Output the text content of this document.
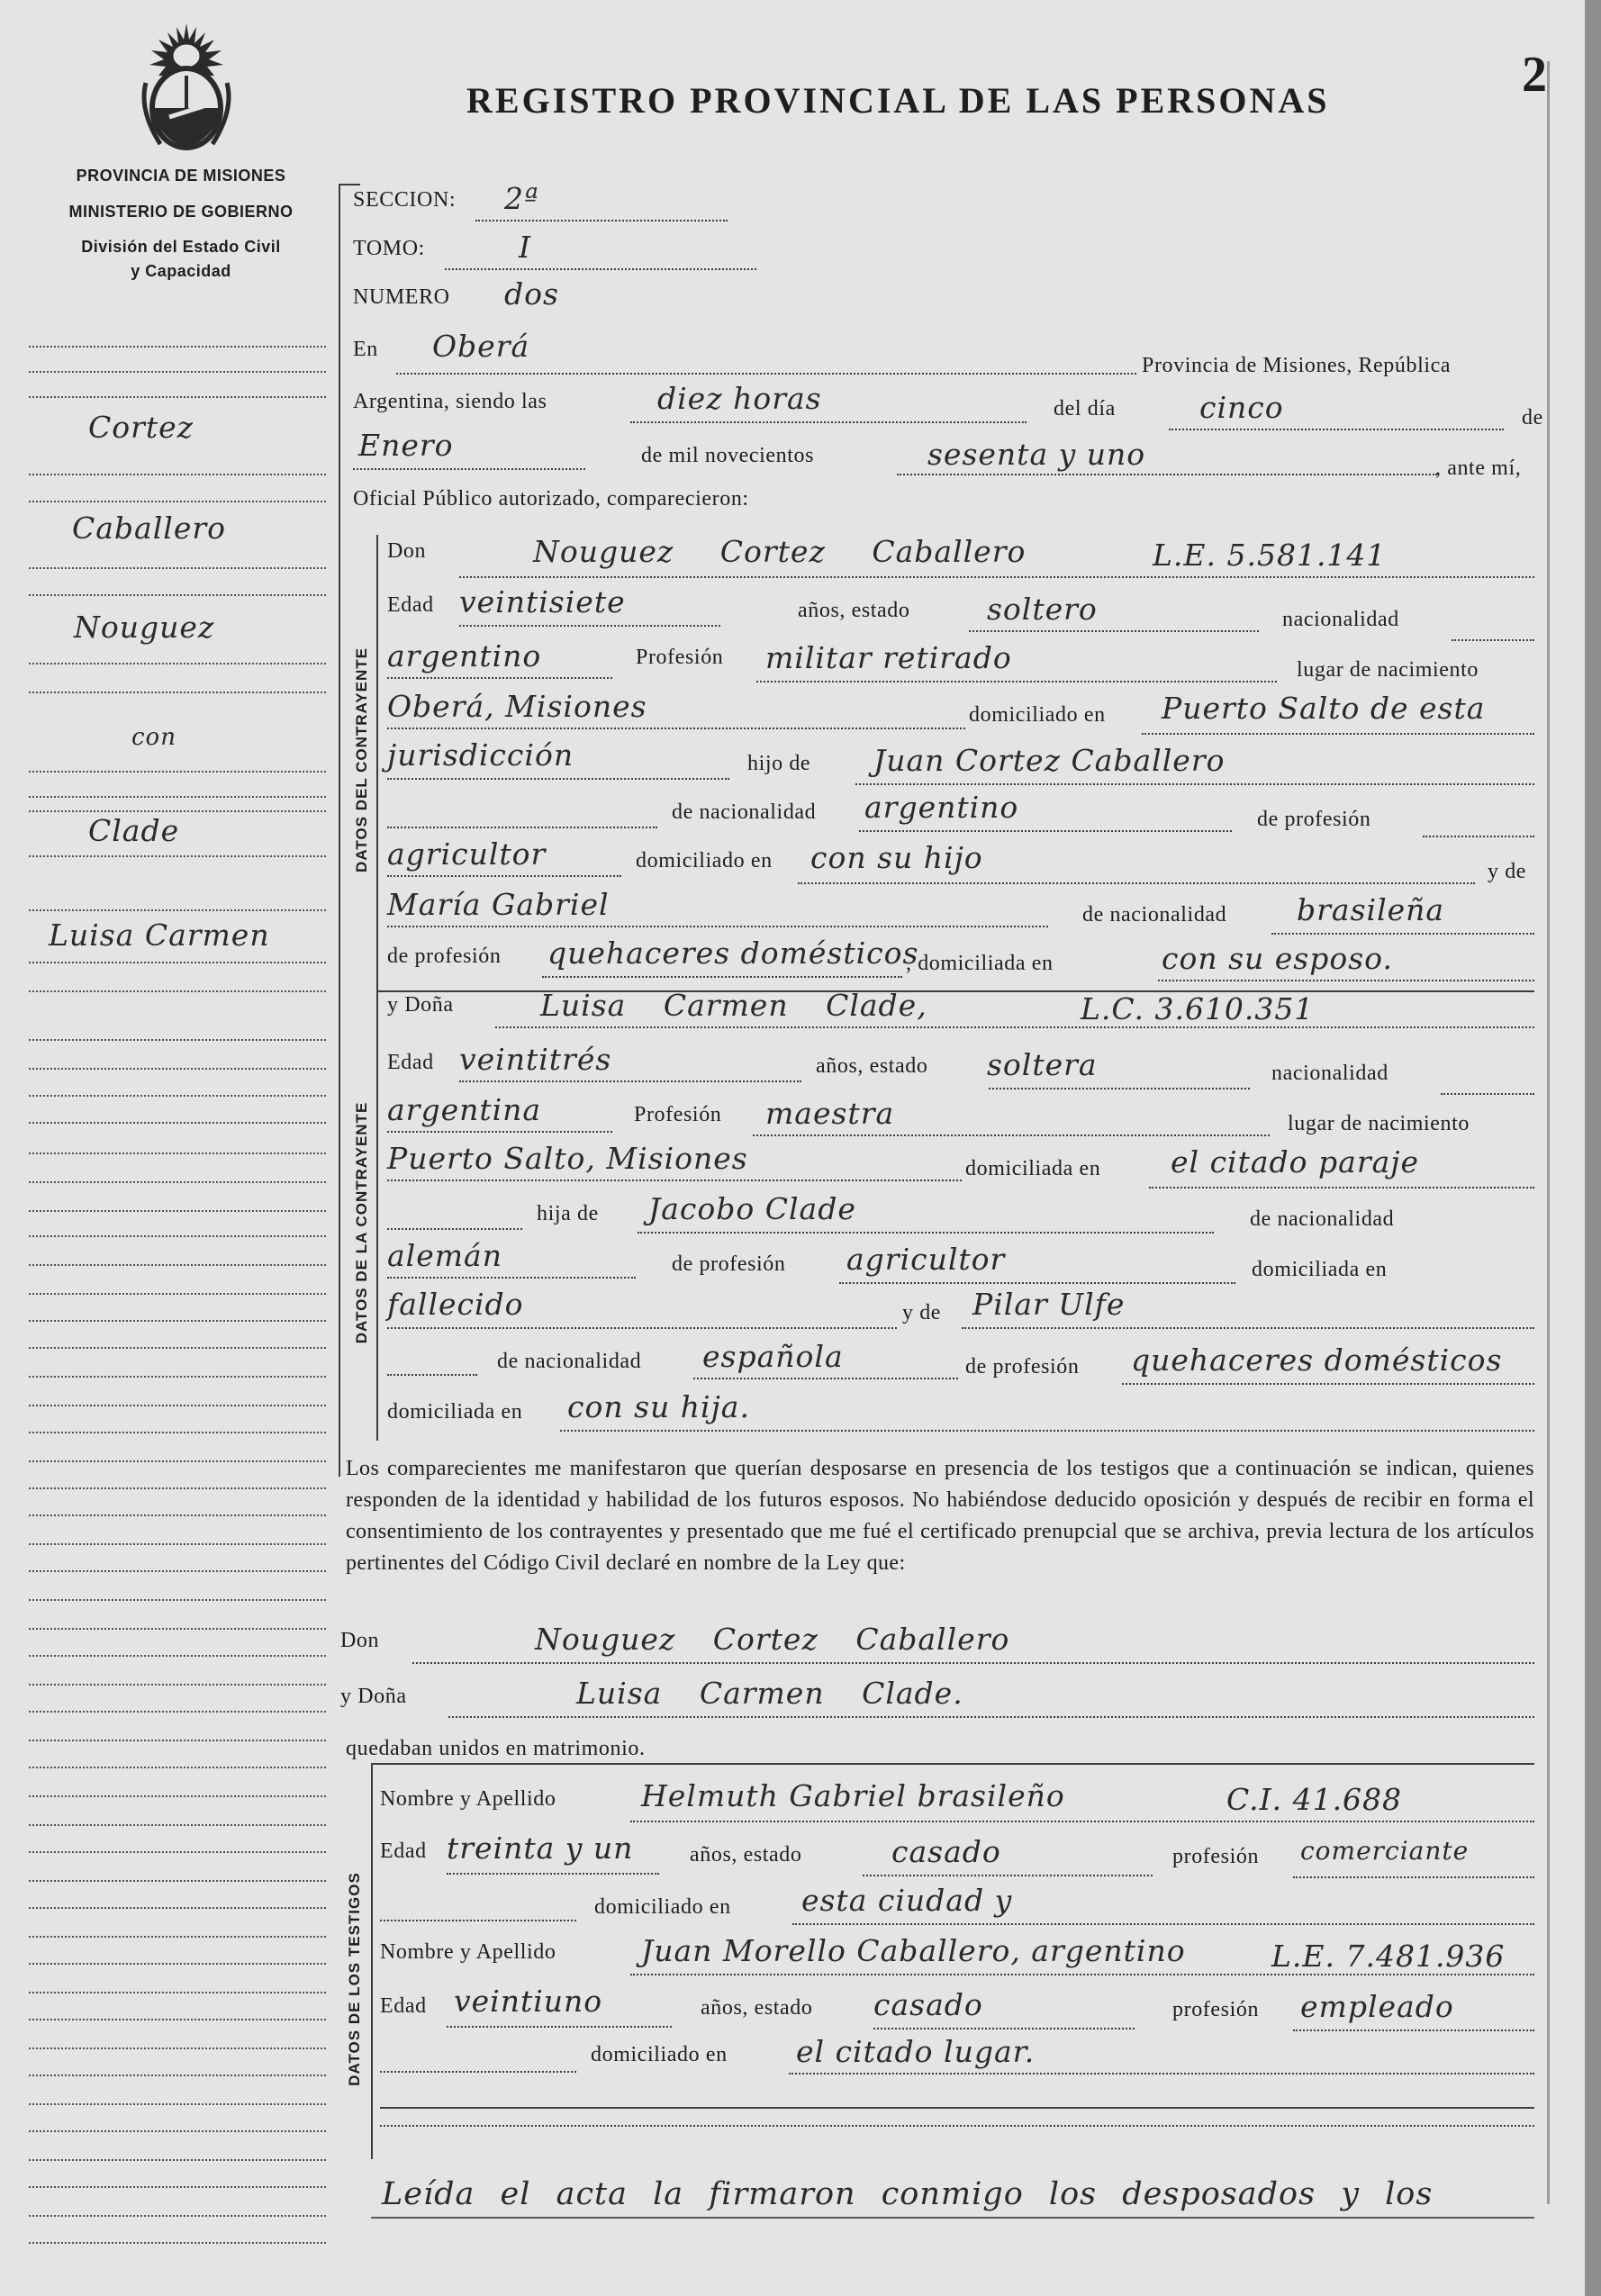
PROVINCIA DE MISIONES
MINISTERIO DE GOBIERNO
División del Estado Civil
y Capacidad
REGISTRO PROVINCIAL DE LAS PERSONAS	2
Cortez
Caballero
Nouguez
con
Clade
Luisa Carmen
SECCION: 2ª
TOMO:	I
NUMERO dos
En Oberá
Provincia de Misiones, República
Argentina, siendo las	diez horas	del día	cinco	de
Enero	de mil novecientos	sesenta y uno	, ante mí,
Oficial Público autorizado, comparecieron:
DATOS DEL CONTRAYENTE
Don	Nouguez Cortez Caballero	L.E. 5.581.141
Edad veintisiete	años, estado	soltero	nacionalidad
argentino	Profesión militar retirado	lugar de nacimiento
Oberá, Misiones	domiciliado en Puerto Salto de esta
jurisdicción	hijo de Juan Cortez Caballero
de nacionalidad argentino	de profesión
agricultor	domiciliado en con su hijo	y de
María Gabriel	de nacionalidad brasileña
de profesión quehaceres domésticos
, domiciliada en	con su esposo.
DATOS DE LA CONTRAYENTE
y Doña	Luisa Carmen Clade,	L.C. 3.610.351
Edad veintitrés	años, estado soltera	nacionalidad
argentina	Profesión maestra	lugar de nacimiento
Puerto Salto, Misiones	domiciliada en el citado paraje
hija de Jacobo Clade	de nacionalidad
alemán	de profesión agricultor	domiciliada en
fallecido	y de Pilar Ulfe
de nacionalidad española	de profesión quehaceres domésticos
domiciliada en con su hija.
Los comparecientes me manifestaron que querían desposarse en presencia de los testigos que a continuación se indican, quienes responden de la identidad y habilidad de los futuros esposos. No habiéndose deducido oposición y después de recibir en forma el consentimiento de los contrayentes y presentado que me fué el certificado prenupcial que se archiva, previa lectura de los artículos pertinentes del Código Civil declaré en nombre de la Ley que:
Don	Nouguez Cortez Caballero
y Doña	Luisa Carmen Clade.
quedaban unidos en matrimonio.
DATOS DE LOS TESTIGOS
Nombre y Apellido	Helmuth Gabriel brasileño	C.I. 41.688
Edad treinta y un	años, estado	casado	profesión comerciante
domiciliado en esta ciudad y
Nombre y Apellido	Juan Morello Caballero, argentino	L.E. 7.481.936
Edad veintiuno	años, estado casado	profesión empleado
domiciliado en el citado lugar.
Leída el acta la firmaron conmigo los desposados y los
